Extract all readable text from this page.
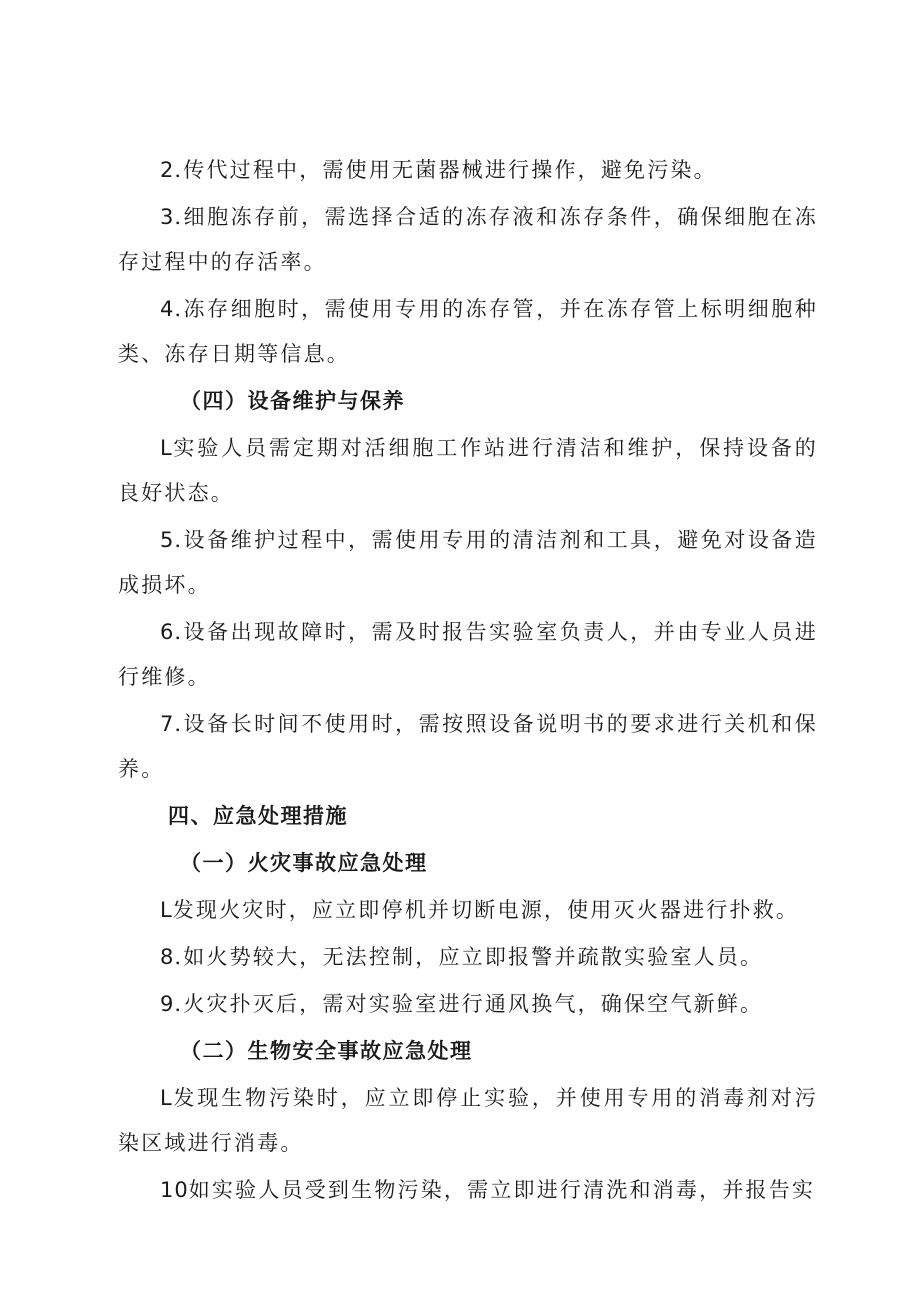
2.传代过程中，需使用无菌器械进行操作，避免污染。

3.细胞冻存前，需选择合适的冻存液和冻存条件，确保细胞在冻存过程中的存活率。

4.冻存细胞时，需使用专用的冻存管，并在冻存管上标明细胞种类、冻存日期等信息。

（四）设备维护与保养

L实验人员需定期对活细胞工作站进行清洁和维护，保持设备的良好状态。

5.设备维护过程中，需使用专用的清洁剂和工具，避免对设备造成损坏。

6.设备出现故障时，需及时报告实验室负责人，并由专业人员进行维修。

7.设备长时间不使用时，需按照设备说明书的要求进行关机和保养。

四、应急处理措施
（一）火灾事故应急处理

L发现火灾时，应立即停机并切断电源，使用灭火器进行扑救。

8.如火势较大，无法控制，应立即报警并疏散实验室人员。

9.火灾扑灭后，需对实验室进行通风换气，确保空气新鲜。

（二）生物安全事故应急处理

L发现生物污染时，应立即停止实验，并使用专用的消毒剂对污染区域进行消毒。

10如实验人员受到生物污染，需立即进行清洗和消毒，并报告实
